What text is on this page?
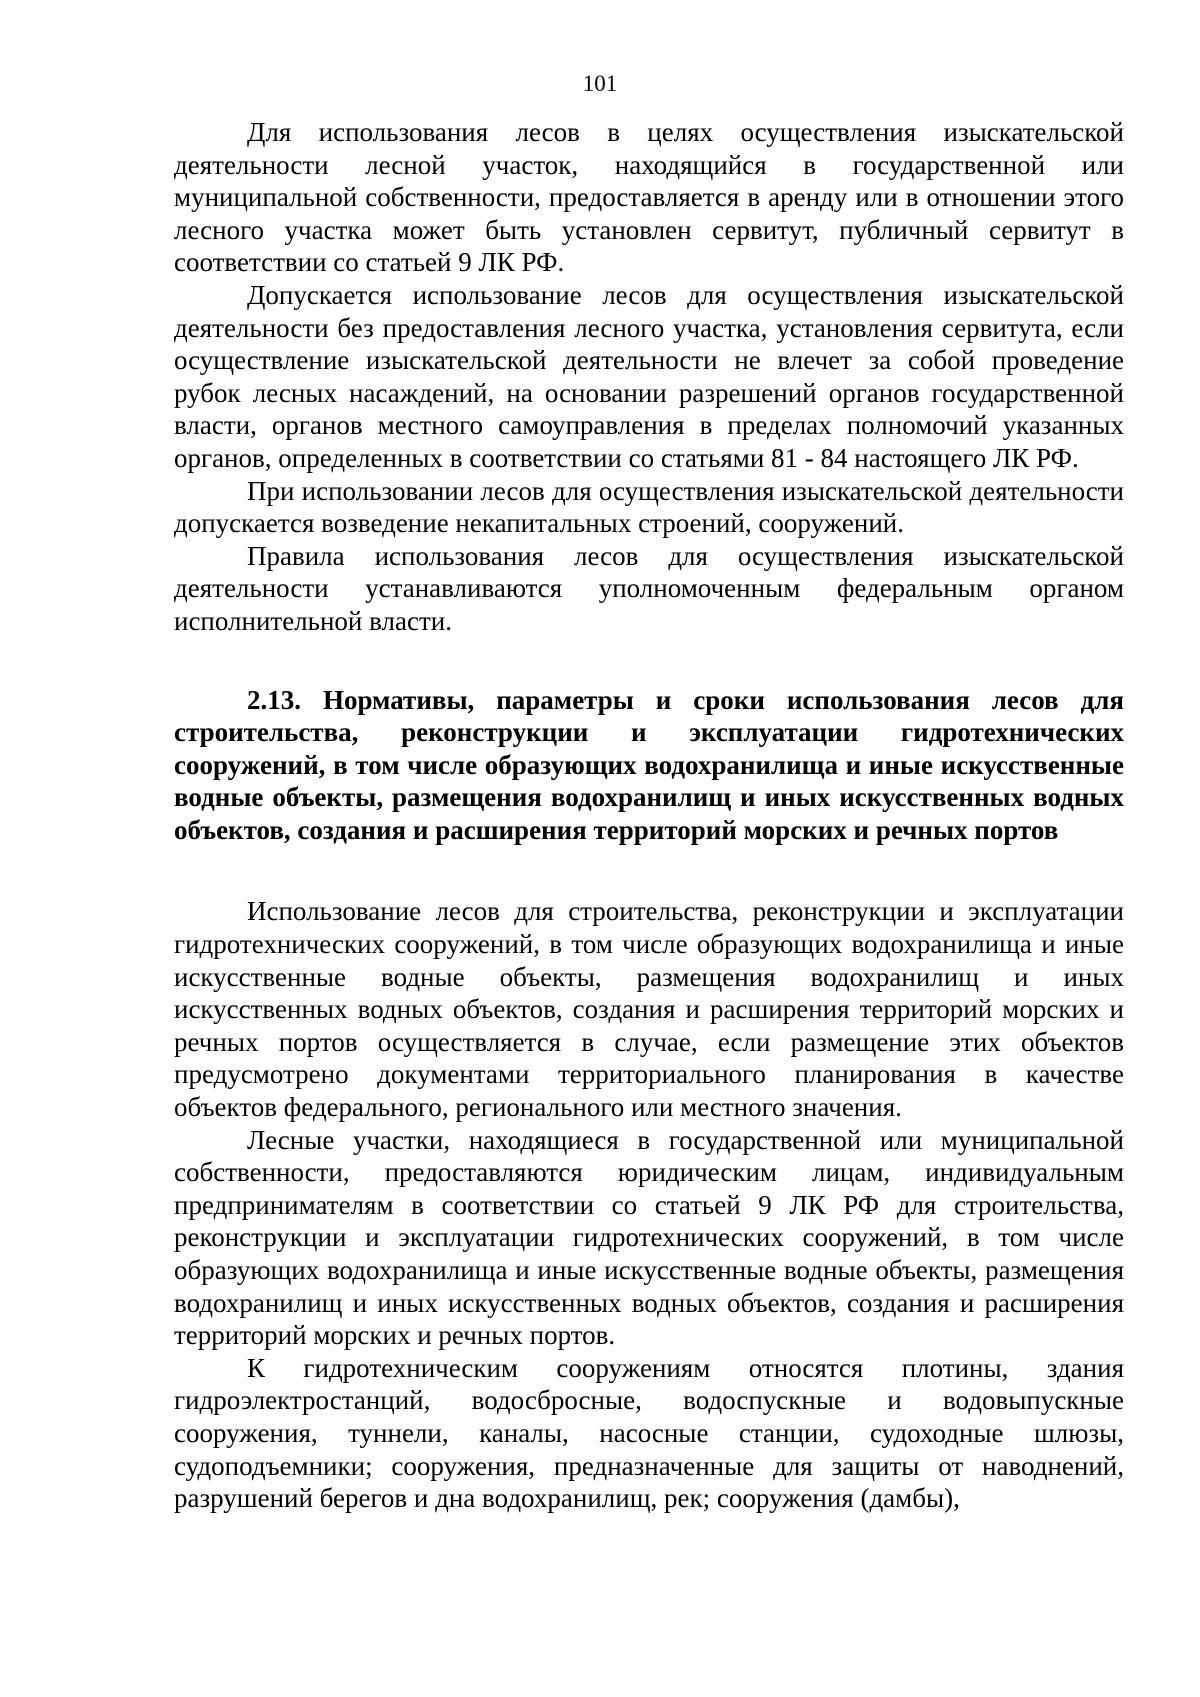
101

Для использования лесов в целях осуществления изыскательской деятельности лесной участок, находящийся в государственной или муниципальной собственности, предоставляется в аренду или в отношении этого лесного участка может быть установлен сервитут, публичный сервитут в соответствии со статьей 9 ЛК РФ.

Допускается использование лесов для осуществления изыскательской деятельности без предоставления лесного участка, установления сервитута, если осуществление изыскательской деятельности не влечет за собой проведение рубок лесных насаждений, на основании разрешений органов государственной власти, органов местного самоуправления в пределах полномочий указанных органов, определенных в соответствии со статьями 81 - 84 настоящего ЛК РФ.

При использовании лесов для осуществления изыскательской деятельности допускается возведение некапитальных строений, сооружений.

Правила использования лесов для осуществления изыскательской деятельности устанавливаются уполномоченным федеральным органом исполнительной власти.

2.13. Нормативы, параметры и сроки использования лесов для строительства, реконструкции и эксплуатации гидротехнических сооружений, в том числе образующих водохранилища и иные искусственные водные объекты, размещения водохранилищ и иных искусственных водных объектов, создания и расширения территорий морских и речных портов

Использование лесов для строительства, реконструкции и эксплуатации гидротехнических сооружений, в том числе образующих водохранилища и иные искусственные водные объекты, размещения водохранилищ и иных искусственных водных объектов, создания и расширения территорий морских и речных портов осуществляется в случае, если размещение этих объектов предусмотрено документами территориального планирования в качестве объектов федерального, регионального или местного значения.

Лесные участки, находящиеся в государственной или муниципальной собственности, предоставляются юридическим лицам, индивидуальным предпринимателям в соответствии со статьей 9 ЛК РФ для строительства, реконструкции и эксплуатации гидротехнических сооружений, в том числе образующих водохранилища и иные искусственные водные объекты, размещения водохранилищ и иных искусственных водных объектов, создания и расширения территорий морских и речных портов.

К гидротехническим сооружениям относятся плотины, здания гидроэлектростанций, водосбросные, водоспускные и водовыпускные сооружения, туннели, каналы, насосные станции, судоходные шлюзы, судоподъемники; сооружения, предназначенные для защиты от наводнений, разрушений берегов и дна водохранилищ, рек; сооружения (дамбы),
